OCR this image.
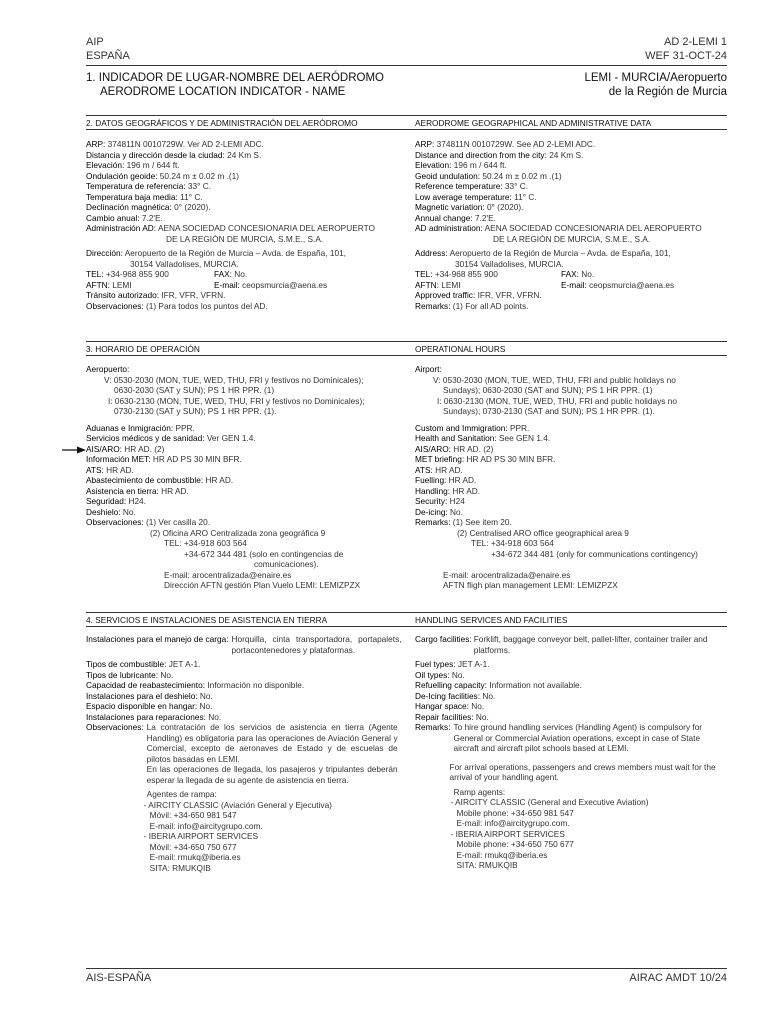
AIP
ESPAÑA
AD 2-LEMI 1
WEF 31-OCT-24
1. INDICADOR DE LUGAR-NOMBRE DEL AERÓDROMO
AERODROME LOCATION INDICATOR - NAME
LEMI - MURCIA/Aeropuerto
de la Región de Murcia
2. DATOS GEOGRÁFICOS Y DE ADMINISTRACIÓN DEL AERÓDROMO	AERODROME GEOGRAPHICAL AND ADMINISTRATIVE DATA
ARP: 374811N 0010729W. Ver AD 2-LEMI ADC.
Distancia y dirección desde la ciudad: 24 Km S.
Elevación: 196 m / 644 ft.
Ondulación geoide: 50.24 m ± 0.02 m .(1)
Temperatura de referencia: 33° C.
Temperatura baja media: 11° C.
Declinación magnética: 0° (2020).
Cambio anual: 7.2'E.
Administración AD: AENA SOCIEDAD CONCESIONARIA DEL AEROPUERTO
DE LA REGIÓN DE MURCIA, S.M.E., S.A.
Dirección: Aeropuerto de la Región de Murcia – Avda. de España, 101,
30154 Valladolises, MURCIA.
TEL: +34-968 855 900	FAX: No.
AFTN: LEMI	E-mail: ceopsmurcia@aena.es
Tránsito autorizado: IFR, VFR, VFRN.
Observaciones: (1) Para todos los puntos del AD.
ARP: 374811N 0010729W. See AD 2-LEMI ADC.
Distance and direction from the city: 24 Km S.
Elevation: 196 m / 644 ft.
Geoid undulation: 50.24 m ± 0.02 m .(1)
Reference temperature: 33° C.
Low average temperature: 11° C.
Magnetic variation: 0° (2020).
Annual change: 7.2'E.
AD administration: AENA SOCIEDAD CONCESIONARIA DEL AEROPUERTO
DE LA REGIÓN DE MURCIA, S.M.E., S.A.
Address: Aeropuerto de la Región de Murcia – Avda. de España, 101,
30154 Valladolises, MURCIA.
TEL: +34-968 855 900	FAX: No.
AFTN: LEMI	E-mail: ceopsmurcia@aena.es
Approved traffic: IFR, VFR, VFRN.
Remarks: (1) For all AD points.
3. HORARIO DE OPERACIÓN	OPERATIONAL HOURS
Aeropuerto:
V: 0530-2030 (MON, TUE, WED, THU, FRI y festivos no Dominicales);
0630-2030 (SAT y SUN); PS 1 HR PPR. (1)
I: 0630-2130 (MON, TUE, WED, THU, FRI y festivos no Dominicales);
0730-2130 (SAT y SUN); PS 1 HR PPR. (1).
Aduanas e Inmigración: PPR.
Servicios médicos y de sanidad: Ver GEN 1.4.
AIS/ARO: HR AD. (2)
Información MET: HR AD PS 30 MIN BFR.
ATS: HR AD.
Abastecimiento de combustible: HR AD.
Asistencia en tierra: HR AD.
Seguridad: H24.
Deshielo: No.
Observaciones: (1) Ver casilla 20.
(2) Oficina ARO Centralizada zona geográfica 9
TEL: +34-918 603 564
+34-672 344 481 (solo en contingencias de
comunicaciones).
E-mail: arocentralizada@enaire.es
Dirección AFTN gestión Plan Vuelo LEMI: LEMIZPZX
Airport:
V: 0530-2030 (MON, TUE, WED, THU, FRI and public holidays no
Sundays); 0630-2030 (SAT and SUN); PS 1 HR PPR. (1)
I: 0630-2130 (MON, TUE, WED, THU, FRI and public holidays no
Sundays); 0730-2130 (SAT and SUN); PS 1 HR PPR. (1).
Custom and Immigration: PPR.
Health and Sanitation: See GEN 1.4.
AIS/ARO: HR AD. (2)
MET briefing: HR AD PS 30 MIN BFR.
ATS: HR AD.
Fuelling: HR AD.
Handling: HR AD.
Security: H24
De-icing: No.
Remarks: (1) See item 20.
(2) Centralised ARO office geographical area 9
TEL: +34-918 603 564
+34-672 344 481 (only for communications contingency)
E-mail: arocentralizada@enaire.es
AFTN fligh plan management LEMI: LEMIZPZX
4. SERVICIOS E INSTALACIONES DE ASISTENCIA EN TIERRA	HANDLING SERVICES AND FACILITIES
Instalaciones para el manejo de carga: Horquilla, cinta transportadora, portapalets, portacontenedores y plataformas.
Tipos de combustible: JET A-1.
Tipos de lubricante: No.
Capacidad de reabastecimiento: Información no disponible.
Instalaciones para el deshielo: No.
Espacio disponible en hangar: No.
Instalaciones para reparaciones: No.
Observaciones: La contratación de los servicios de asistencia en tierra (Agente Handling) es obligatoria para las operaciones de Aviación General y Comercial, excepto de aeronaves de Estado y de escuelas de pilotos basadas en LEMI.
En las operaciones de llegada, los pasajeros y tripulantes deberán esperar la llegada de su agente de asistencia en tierra.
Agentes de rampa:
- AIRCITY CLASSIC (Aviación General y Ejecutiva)
Móvil: +34-650 981 547
E-mail: info@aircitygrupo.com.
- IBERIA AIRPORT SERVICES
Móvil: +34-650 750 677
E-mail: rmukq@iberia.es
SITA: RMUKQIB
Cargo facilities: Forklift, baggage conveyor belt, pallet-lifter, container trailer and platforms.
Fuel types: JET A-1.
Oil types: No.
Refuelling capacity: Information not available.
De-Icing facilities: No.
Hangar space: No.
Repair facilities: No.
Remarks: To hire ground handling services (Handling Agent) is compulsory for General or Commercial Aviation operations, except in case of State aircraft and aircraft pilot schools based at LEMI.
For arrival operations, passengers and crews members must wait for the arrival of your handling agent.
Ramp agents:
- AIRCITY CLASSIC (General and Executive Aviation)
Mobile phone: +34-650 981 547
E-mail: info@aircitygrupo.com.
- IBERIA AIRPORT SERVICES
Mobile phone: +34-650 750 677
E-mail: rmukq@iberia.es
SITA: RMUKQIB
AIS-ESPAÑA	AIRAC AMDT 10/24
